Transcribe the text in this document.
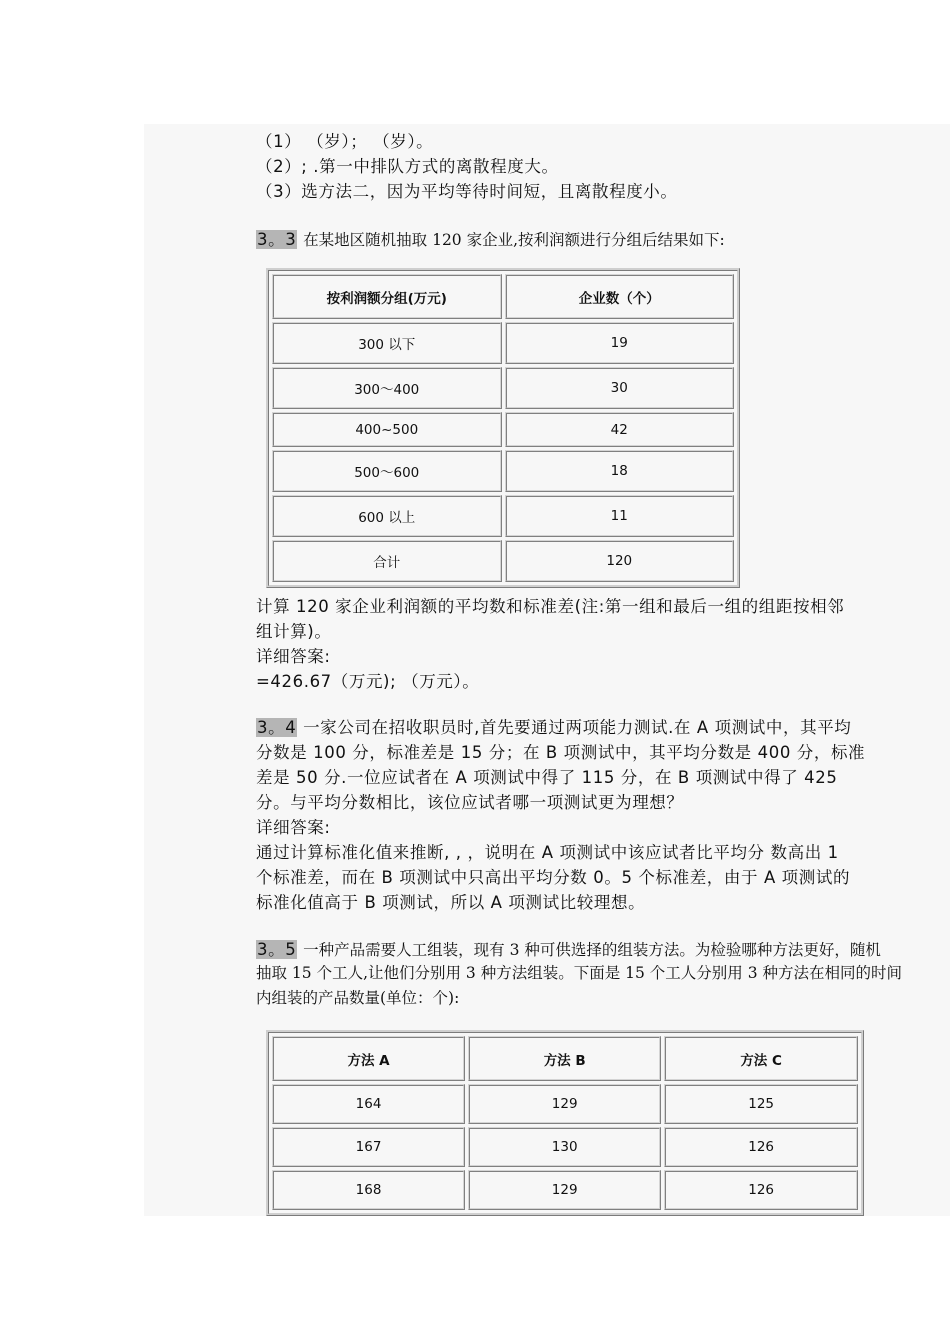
（1） （岁）； （岁）。
（2）; .第一中排队方式的离散程度大。
（3）选方法二，因为平均等待时间短，且离散程度小。
3。3 在某地区随机抽取 120 家企业,按利润额进行分组后结果如下:
按利润额分组(万元)	企业数（个）
300 以下	19
300～400	30
400~500	42
500～600	18
600 以上	11
合计	120
计算 120 家企业利润额的平均数和标准差(注:第一组和最后一组的组距按相邻
组计算)。
详细答案:
=426.67（万元); （万元）。
3。4 一家公司在招收职员时,首先要通过两项能力测试.在 A 项测试中，其平均
分数是 100 分，标准差是 15 分；在 B 项测试中，其平均分数是 400 分，标准
差是 50 分.一位应试者在 A 项测试中得了 115 分，在 B 项测试中得了 425
分。与平均分数相比，该位应试者哪一项测试更为理想？
详细答案:
通过计算标准化值来推断, , ，说明在 A 项测试中该应试者比平均分 数高出 1
个标准差，而在 B 项测试中只高出平均分数 0。5 个标准差，由于 A 项测试的
标准化值高于 B 项测试，所以 A 项测试比较理想。
3。5 一种产品需要人工组装，现有 3 种可供选择的组装方法。为检验哪种方法更好，随机
抽取 15 个工人,让他们分别用 3 种方法组装。下面是 15 个工人分别用 3 种方法在相同的时间
内组装的产品数量(单位：个):
方法 A	方法 B	方法 C
164	129	125
167	130	126
168	129	126
